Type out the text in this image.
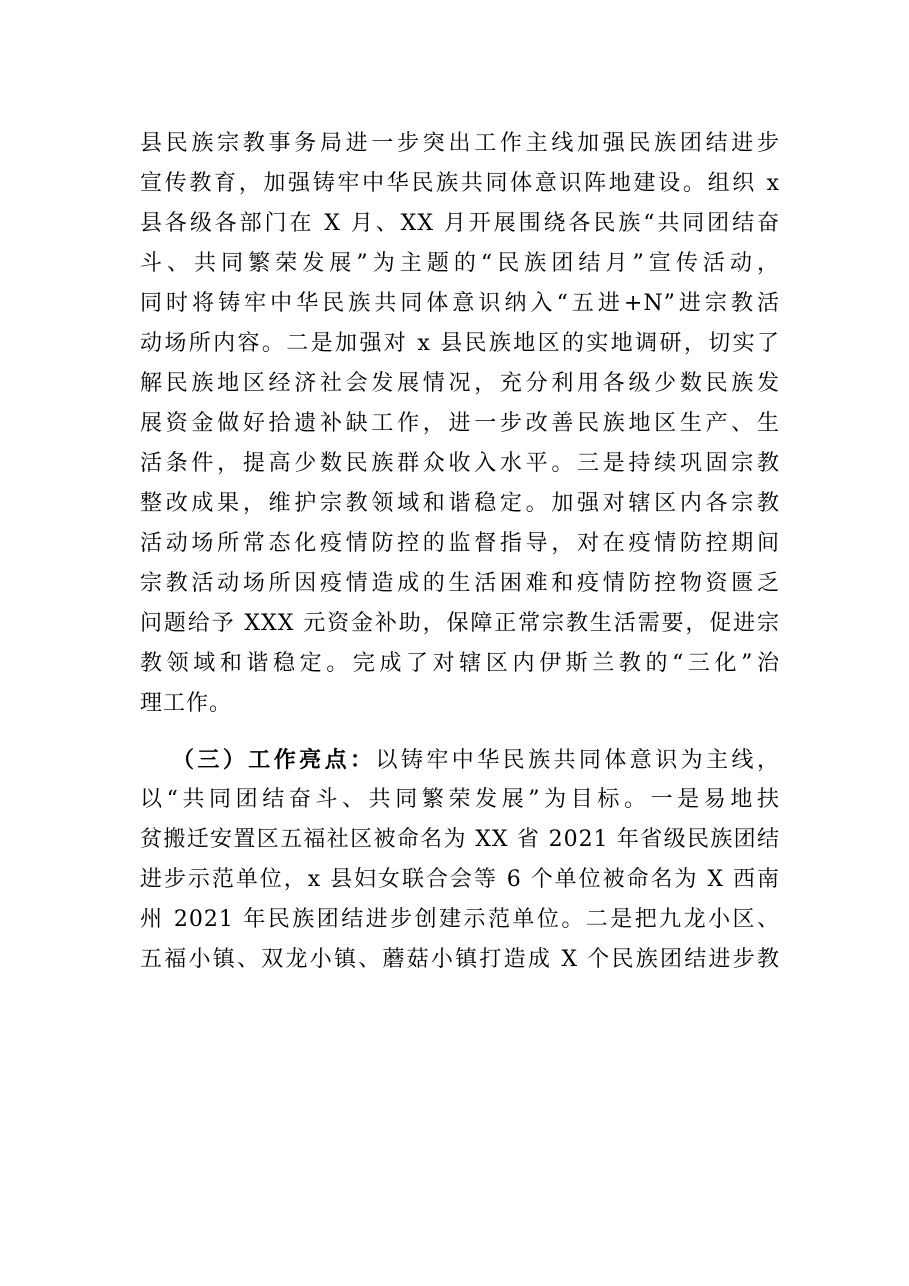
县民族宗教事务局进一步突出工作主线加强民族团结进步
宣传教育，加强铸牢中华民族共同体意识阵地建设。组织 x
县各级各部门在 X 月、XX 月开展围绕各民族“共同团结奋
斗、共同繁荣发展”为主题的“民族团结月”宣传活动，
同时将铸牢中华民族共同体意识纳入“五进+N”进宗教活
动场所内容。二是加强对 x 县民族地区的实地调研，切实了
解民族地区经济社会发展情况，充分利用各级少数民族发
展资金做好拾遗补缺工作，进一步改善民族地区生产、生
活条件，提高少数民族群众收入水平。三是持续巩固宗教
整改成果，维护宗教领域和谐稳定。加强对辖区内各宗教
活动场所常态化疫情防控的监督指导，对在疫情防控期间
宗教活动场所因疫情造成的生活困难和疫情防控物资匮乏
问题给予 XXX 元资金补助，保障正常宗教生活需要，促进宗
教领域和谐稳定。完成了对辖区内伊斯兰教的“三化”治
理工作。
（三）工作亮点：以铸牢中华民族共同体意识为主线，
以“共同团结奋斗、共同繁荣发展”为目标。一是易地扶
贫搬迁安置区五福社区被命名为 XX 省 2021 年省级民族团结
进步示范单位，x 县妇女联合会等 6 个单位被命名为 X 西南
州 2021 年民族团结进步创建示范单位。二是把九龙小区、
五福小镇、双龙小镇、蘑菇小镇打造成 X 个民族团结进步教
